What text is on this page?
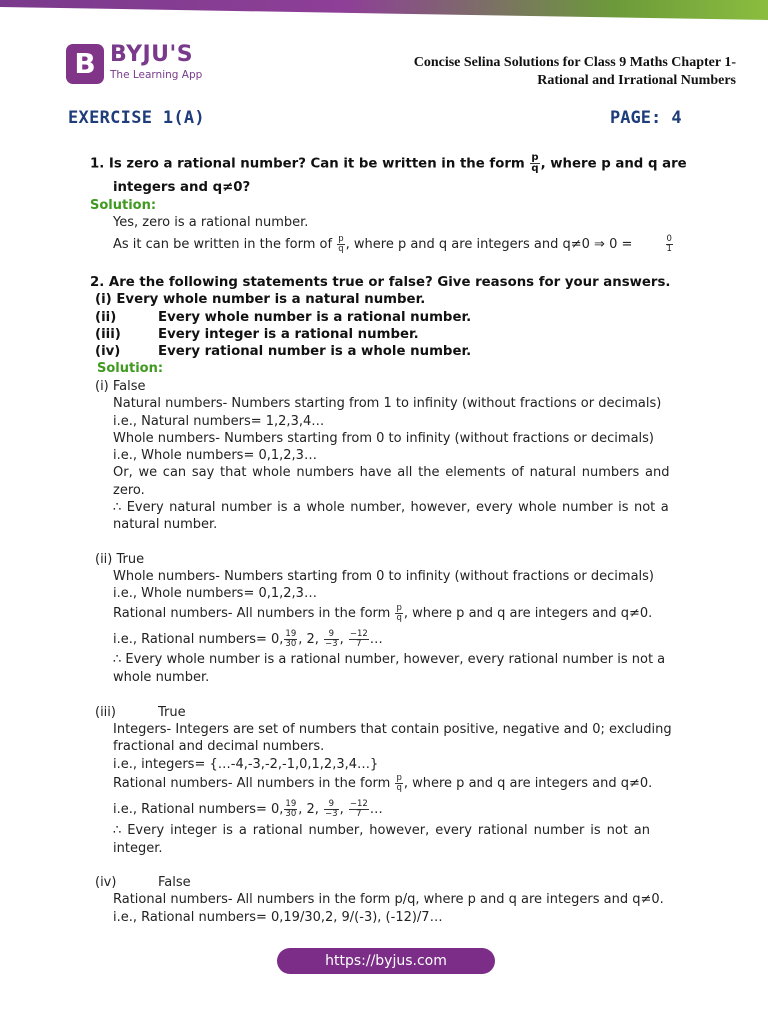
B BYJU'S
The Learning App
Concise Selina Solutions for Class 9 Maths Chapter 1-
Rational and Irrational Numbers
EXERCISE 1(A)	PAGE: 4
1. Is zero a rational number? Can it be written in the form $\frac{p}{q}$ , where p and q are
integers and q≠0?
Solution:
Yes, zero is a rational number.
As it can be written in the form of $\frac{p}{q}$ , where p and q are integers and q≠0 ⇒ 0 =	$\frac{0}{1}$
2. Are the following statements true or false? Give reasons for your answers.
(i) Every whole number is a natural number.
(ii)	Every whole number is a rational number.
(iii)	Every integer is a rational number.
(iv)	Every rational number is a whole number.
Solution:
(i) False
Natural numbers- Numbers starting from 1 to infinity (without fractions or decimals)
i.e., Natural numbers= 1,2,3,4…
Whole numbers- Numbers starting from 0 to infinity (without fractions or decimals)
i.e., Whole numbers= 0,1,2,3…
Or, we can say that whole numbers have all the elements of natural numbers and
zero.
∴ Every natural number is a whole number, however, every whole number is not a
natural number.
(ii) True
Whole numbers- Numbers starting from 0 to infinity (without fractions or decimals)
i.e., Whole numbers= 0,1,2,3…
Rational numbers- All numbers in the form $\frac{p}{q}$ , where p and q are integers and q≠0.
i.e., Rational numbers= 0, $\frac{19}{30}$ , 2, $\frac{9}{-3}$ , $\frac{-12}{7}$ …
∴ Every whole number is a rational number, however, every rational number is not a
whole number.
(iii)	True
Integers- Integers are set of numbers that contain positive, negative and 0; excluding
fractional and decimal numbers.
i.e., integers= {…-4,-3,-2,-1,0,1,2,3,4…}
Rational numbers- All numbers in the form $\frac{p}{q}$ , where p and q are integers and q≠0.
i.e., Rational numbers= 0, $\frac{19}{30}$ , 2, $\frac{9}{-3}$ , $\frac{-12}{7}$ …
∴ Every integer is a rational number, however, every rational number is not an
integer.
(iv)	False
Rational numbers- All numbers in the form p/q, where p and q are integers and q≠0.
i.e., Rational numbers= 0,19/30,2, 9/(-3), (-12)/7…
https://byjus.com
